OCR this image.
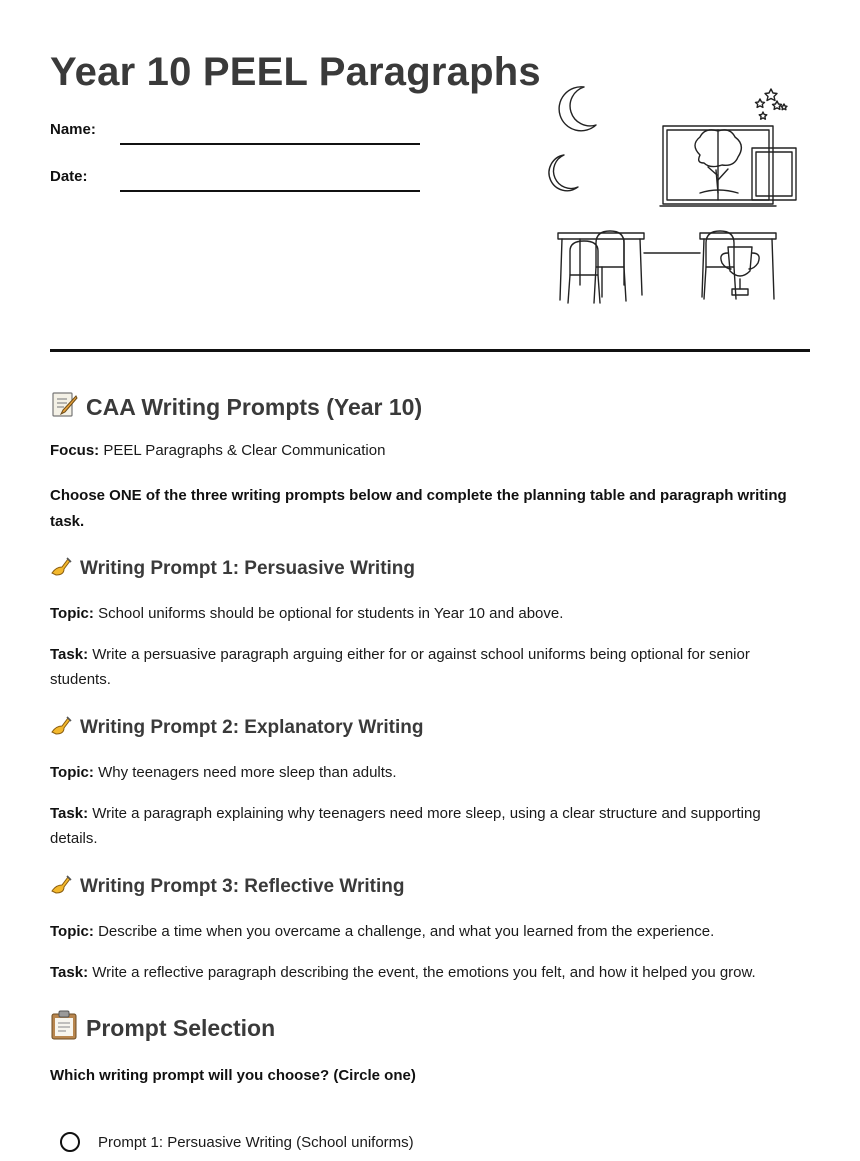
Year 10 PEEL Paragraphs
Name:
Date:
CAA Writing Prompts (Year 10)

Focus: PEEL Paragraphs & Clear Communication

Choose ONE of the three writing prompts below and complete the planning table and paragraph writing task.

Writing Prompt 1: Persuasive Writing

Topic: School uniforms should be optional for students in Year 10 and above.

Task: Write a persuasive paragraph arguing either for or against school uniforms being optional for senior students.

Writing Prompt 2: Explanatory Writing

Topic: Why teenagers need more sleep than adults.

Task: Write a paragraph explaining why teenagers need more sleep, using a clear structure and supporting details.

Writing Prompt 3: Reflective Writing

Topic: Describe a time when you overcame a challenge, and what you learned from the experience.

Task: Write a reflective paragraph describing the event, the emotions you felt, and how it helped you grow.

Prompt Selection

Which writing prompt will you choose? (Circle one)

Prompt 1: Persuasive Writing (School uniforms)
